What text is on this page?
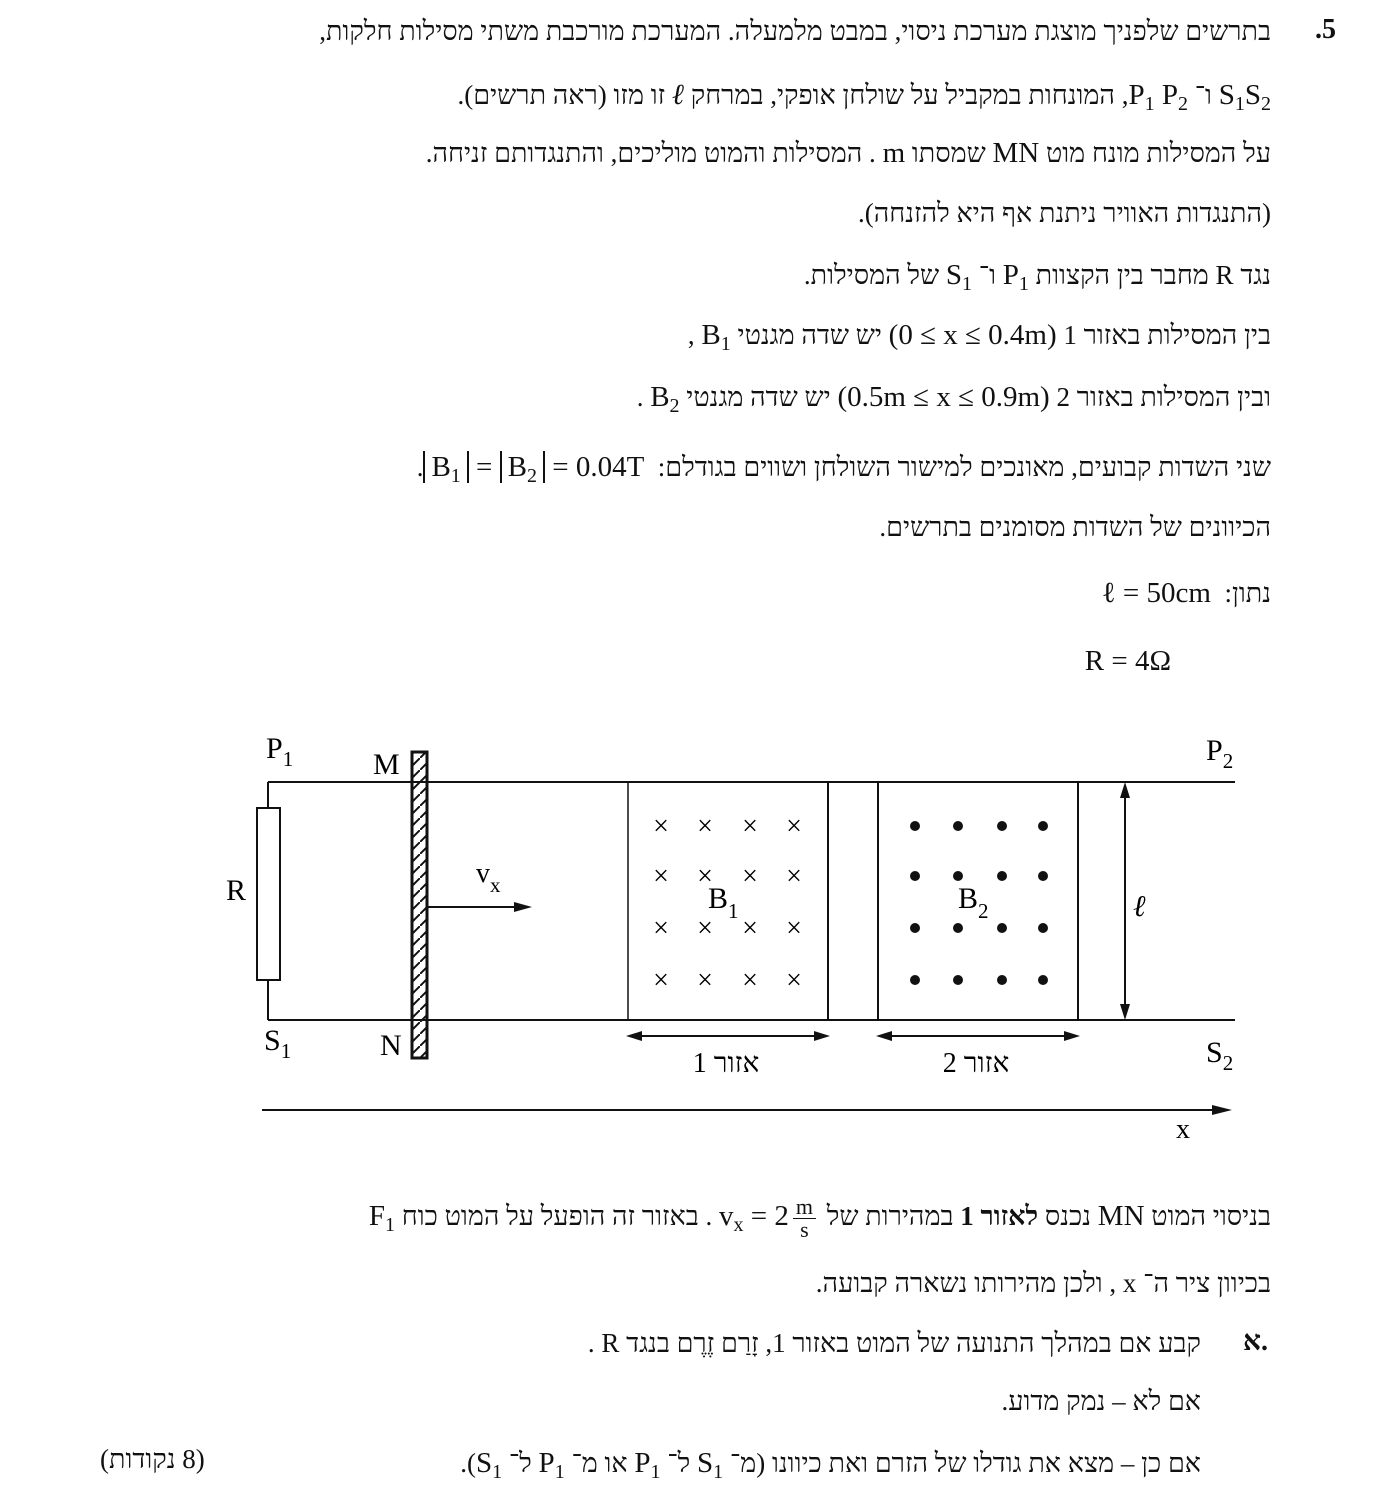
.5
בתרשים שלפניך מוצגת מערכת ניסוי, במבט מלמעלה. המערכת מורכבת משתי מסילות חלקות,
$S_1S_2$ ו־ $P_1$ $P_2$, המונחות במקביל על שולחן אופקי, במרחק ℓ זו מזו (ראה תרשים).
על המסילות מונח מוט MN שמסתו m . המסילות והמוט מוליכים, והתנגדותם זניחה.
(התנגדות האוויר ניתנת אף היא להזנחה).
נגד R מחבר בין הקצוות $P_1$ ו־ $S_1$ של המסילות.
בין המסילות באזור 1 (0 ≤ x ≤ 0.4m) יש שדה מגנטי $B_1$ ,
ובין המסילות באזור 2 (0.5m ≤ x ≤ 0.9m) יש שדה מגנטי $B_2$ .
שני השדות קבועים, מאונכים למישור השולחן ושווים בגודלם: $B_1 = B_2 = 0.04T$ .
הכיוונים של השדות מסומנים בתרשים.
נתון:  ℓ = 50cm
R = 4Ω
× × × ×
× × × ×
× × × ×
× × × ×
$P_1$	M	$P_2$
R
$v_x$	$B_1$	$B_2$	ℓ
$S_1$	N	$S_2$
אזור 1	אזור 2
x
בניסוי המוט MN נכנס לאזור 1 במהירות של $v_x = 2 \frac{m}{s}$
. באזור זה הופעל על המוט כוח $F_1$
בכיוון ציר ה־ x , ולכן מהירותו נשארה קבועה.
א.
קבע אם במהלך התנועה של המוט באזור 1, זָרַם זֶרֶם בנגד R .
אם לא – נמק מדוע.
אם כן – מצא את גודלו של הזרם ואת כיוונו (מ־ $S_1$ ל־ $P_1$ או מ־ $P_1$ ל־ $S_1$).
(8 נקודות)
